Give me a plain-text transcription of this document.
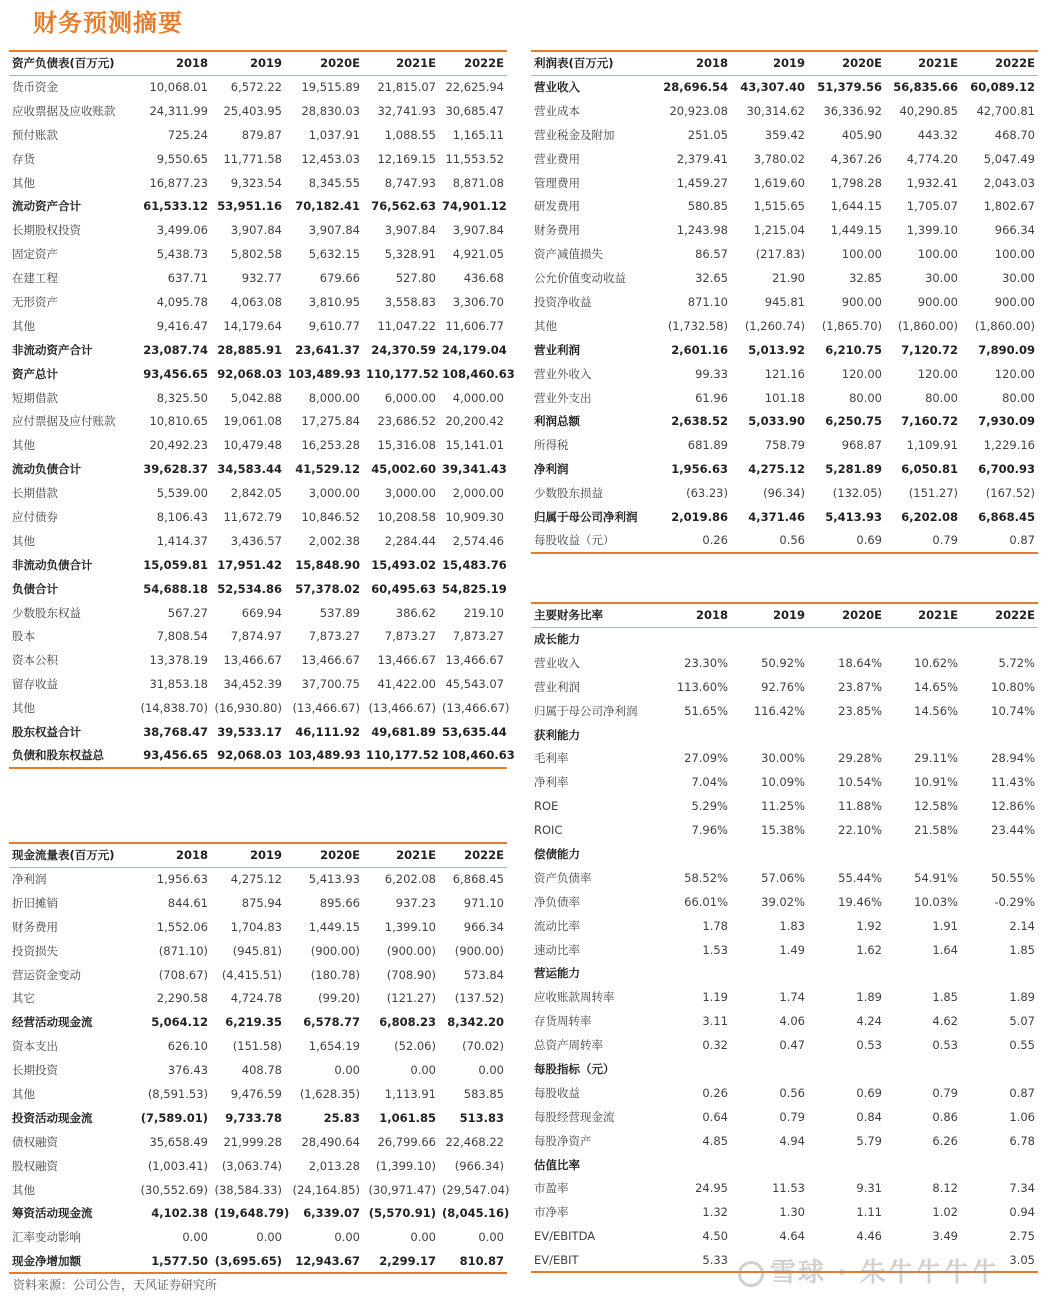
财务预测摘要
资产负债表(百万元)	2018	2019	2020E	2021E	2022E
货币资金	10,068.01	6,572.22	19,515.89	21,815.07	22,625.94
应收票据及应收账款	24,311.99	25,403.95	28,830.03	32,741.93	30,685.47
预付账款	725.24	879.87	1,037.91	1,088.55	1,165.11
存货	9,550.65	11,771.58	12,453.03	12,169.15	11,553.52
其他	16,877.23	9,323.54	8,345.55	8,747.93	8,871.08
流动资产合计	61,533.12	53,951.16	70,182.41	76,562.63	74,901.12
长期股权投资	3,499.06	3,907.84	3,907.84	3,907.84	3,907.84
固定资产	5,438.73	5,802.58	5,632.15	5,328.91	4,921.05
在建工程	637.71	932.77	679.66	527.80	436.68
无形资产	4,095.78	4,063.08	3,810.95	3,558.83	3,306.70
其他	9,416.47	14,179.64	9,610.77	11,047.22	11,606.77
非流动资产合计	23,087.74	28,885.91	23,641.37	24,370.59	24,179.04
资产总计	93,456.65	92,068.03	103,489.93	110,177.52	108,460.63
短期借款	8,325.50	5,042.88	8,000.00	6,000.00	4,000.00
应付票据及应付账款	10,810.65	19,061.08	17,275.84	23,686.52	20,200.42
其他	20,492.23	10,479.48	16,253.28	15,316.08	15,141.01
流动负债合计	39,628.37	34,583.44	41,529.12	45,002.60	39,341.43
长期借款	5,539.00	2,842.05	3,000.00	3,000.00	2,000.00
应付债券	8,106.43	11,672.79	10,846.52	10,208.58	10,909.30
其他	1,414.37	3,436.57	2,002.38	2,284.44	2,574.46
非流动负债合计	15,059.81	17,951.42	15,848.90	15,493.02	15,483.76
负债合计	54,688.18	52,534.86	57,378.02	60,495.63	54,825.19
少数股东权益	567.27	669.94	537.89	386.62	219.10
股本	7,808.54	7,874.97	7,873.27	7,873.27	7,873.27
资本公积	13,378.19	13,466.67	13,466.67	13,466.67	13,466.67
留存收益	31,853.18	34,452.39	37,700.75	41,422.00	45,543.07
其他	(14,838.70)	(16,930.80)	(13,466.67)	(13,466.67)	(13,466.67)
股东权益合计	38,768.47	39,533.17	46,111.92	49,681.89	53,635.44
负债和股东权益总	93,456.65	92,068.03	103,489.93	110,177.52	108,460.63
利润表(百万元)	2018	2019	2020E	2021E	2022E
营业收入	28,696.54	43,307.40	51,379.56	56,835.66	60,089.12
营业成本	20,923.08	30,314.62	36,336.92	40,290.85	42,700.81
营业税金及附加	251.05	359.42	405.90	443.32	468.70
营业费用	2,379.41	3,780.02	4,367.26	4,774.20	5,047.49
管理费用	1,459.27	1,619.60	1,798.28	1,932.41	2,043.03
研发费用	580.85	1,515.65	1,644.15	1,705.07	1,802.67
财务费用	1,243.98	1,215.04	1,449.15	1,399.10	966.34
资产减值损失	86.57	(217.83)	100.00	100.00	100.00
公允价值变动收益	32.65	21.90	32.85	30.00	30.00
投资净收益	871.10	945.81	900.00	900.00	900.00
其他	(1,732.58)	(1,260.74)	(1,865.70)	(1,860.00)	(1,860.00)
营业利润	2,601.16	5,013.92	6,210.75	7,120.72	7,890.09
营业外收入	99.33	121.16	120.00	120.00	120.00
营业外支出	61.96	101.18	80.00	80.00	80.00
利润总额	2,638.52	5,033.90	6,250.75	7,160.72	7,930.09
所得税	681.89	758.79	968.87	1,109.91	1,229.16
净利润	1,956.63	4,275.12	5,281.89	6,050.81	6,700.93
少数股东损益	(63.23)	(96.34)	(132.05)	(151.27)	(167.52)
归属于母公司净利润	2,019.86	4,371.46	5,413.93	6,202.08	6,868.45
每股收益（元）	0.26	0.56	0.69	0.79	0.87
主要财务比率	2018	2019	2020E	2021E	2022E
成长能力					
营业收入	23.30%	50.92%	18.64%	10.62%	5.72%
营业利润	113.60%	92.76%	23.87%	14.65%	10.80%
归属于母公司净利润	51.65%	116.42%	23.85%	14.56%	10.74%
获利能力					
毛利率	27.09%	30.00%	29.28%	29.11%	28.94%
净利率	7.04%	10.09%	10.54%	10.91%	11.43%
ROE	5.29%	11.25%	11.88%	12.58%	12.86%
ROIC	7.96%	15.38%	22.10%	21.58%	23.44%
偿债能力					
资产负债率	58.52%	57.06%	55.44%	54.91%	50.55%
净负债率	66.01%	39.02%	19.46%	10.03%	-0.29%
流动比率	1.78	1.83	1.92	1.91	2.14
速动比率	1.53	1.49	1.62	1.64	1.85
营运能力					
应收账款周转率	1.19	1.74	1.89	1.85	1.89
存货周转率	3.11	4.06	4.24	4.62	5.07
总资产周转率	0.32	0.47	0.53	0.53	0.55
每股指标（元）					
每股收益	0.26	0.56	0.69	0.79	0.87
每股经营现金流	0.64	0.79	0.84	0.86	1.06
每股净资产	4.85	4.94	5.79	6.26	6.78
估值比率					
市盈率	24.95	11.53	9.31	8.12	7.34
市净率	1.32	1.30	1.11	1.02	0.94
EV/EBITDA	4.50	4.64	4.46	3.49	2.75
EV/EBIT	5.33				3.05
现金流量表(百万元)	2018	2019	2020E	2021E	2022E
净利润	1,956.63	4,275.12	5,413.93	6,202.08	6,868.45
折旧摊销	844.61	875.94	895.66	937.23	971.10
财务费用	1,552.06	1,704.83	1,449.15	1,399.10	966.34
投资损失	(871.10)	(945.81)	(900.00)	(900.00)	(900.00)
营运资金变动	(708.67)	(4,415.51)	(180.78)	(708.90)	573.84
其它	2,290.58	4,724.78	(99.20)	(121.27)	(137.52)
经营活动现金流	5,064.12	6,219.35	6,578.77	6,808.23	8,342.20
资本支出	626.10	(151.58)	1,654.19	(52.06)	(70.02)
长期投资	376.43	408.78	0.00	0.00	0.00
其他	(8,591.53)	9,476.59	(1,628.35)	1,113.91	583.85
投资活动现金流	(7,589.01)	9,733.78	25.83	1,061.85	513.83
债权融资	35,658.49	21,999.28	28,490.64	26,799.66	22,468.22
股权融资	(1,003.41)	(3,063.74)	2,013.28	(1,399.10)	(966.34)
其他	(30,552.69)	(38,584.33)	(24,164.85)	(30,971.47)	(29,547.04)
筹资活动现金流	4,102.38	(19,648.79)	6,339.07	(5,570.91)	(8,045.16)
汇率变动影响	0.00	0.00	0.00	0.00	0.00
现金净增加额	1,577.50	(3,695.65)	12,943.67	2,299.17	810.87
资料来源：公司公告，天风证券研究所	雪球 · 朱牛牛牛牛
